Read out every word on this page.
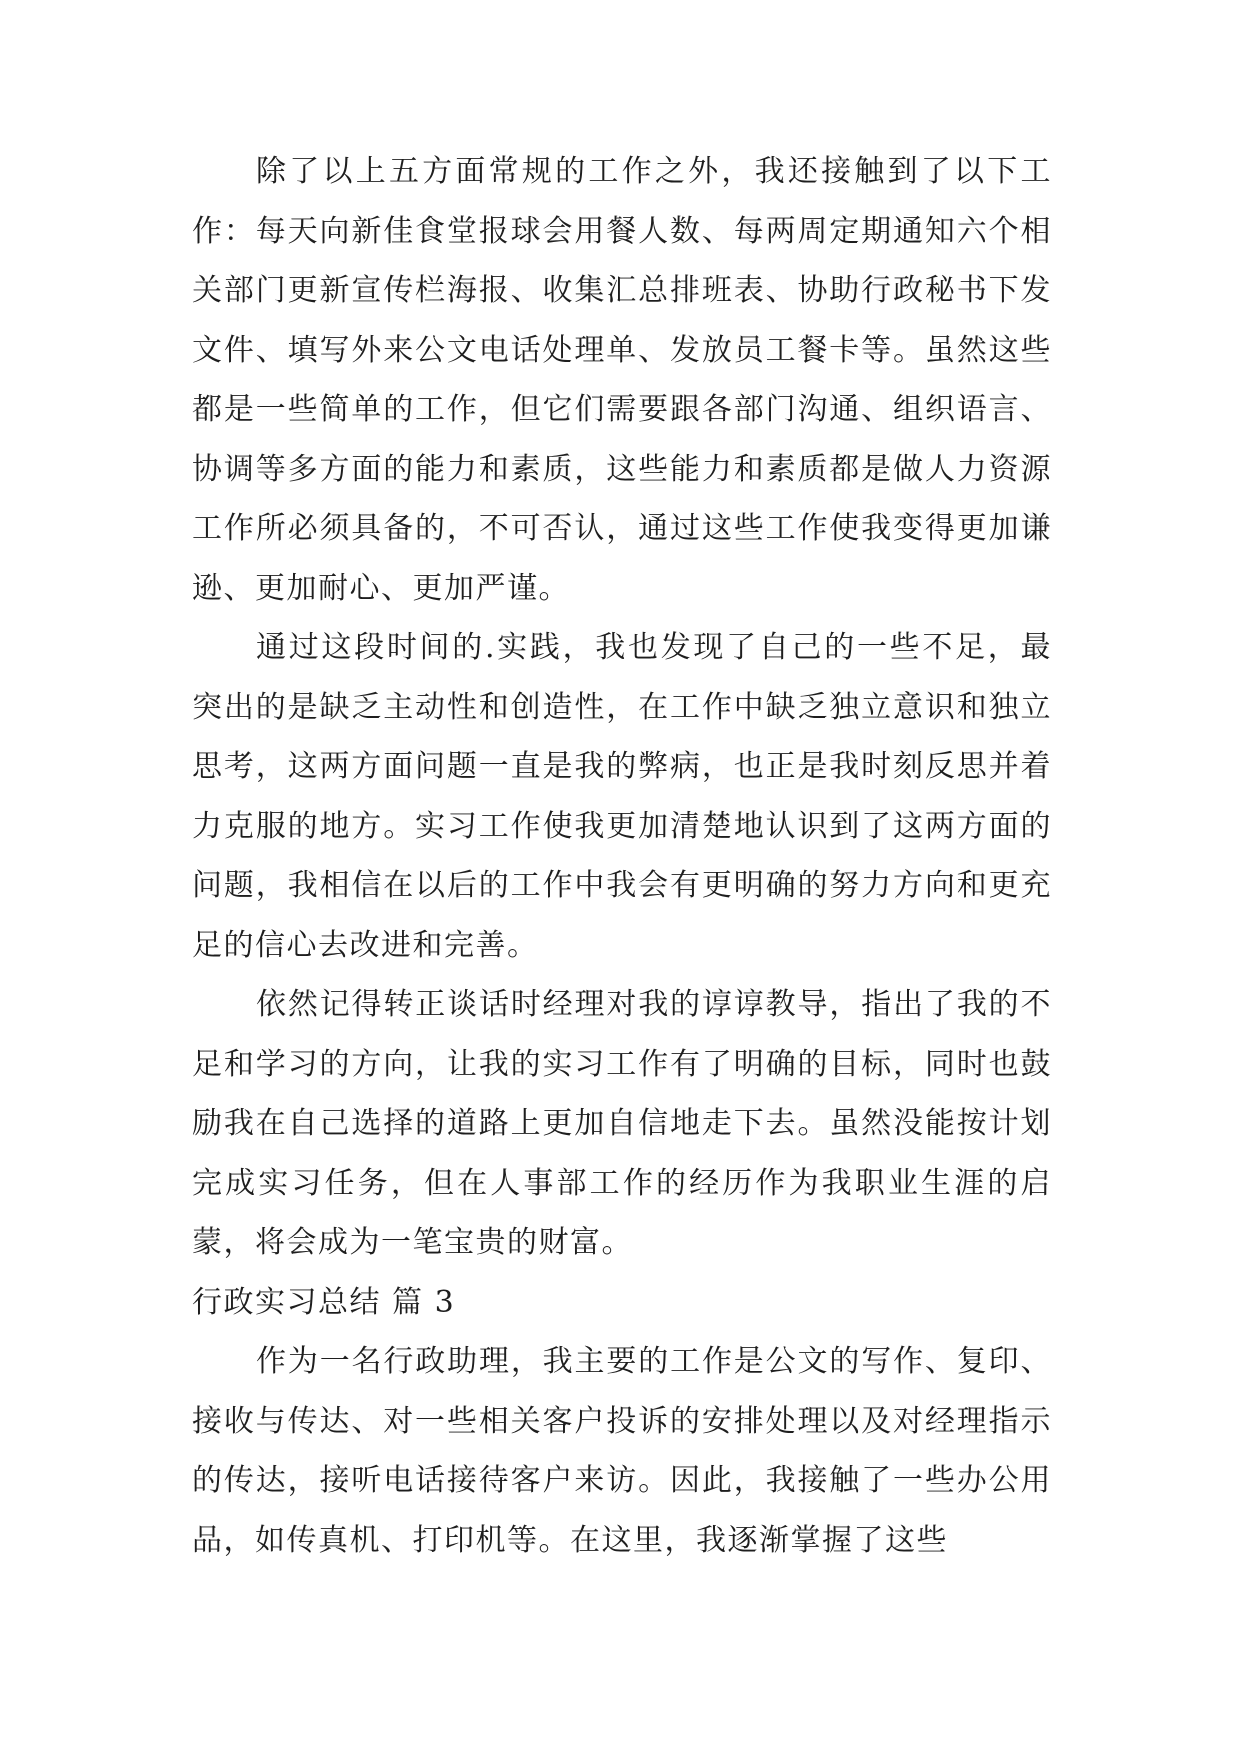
除了以上五方面常规的工作之外，我还接触到了以下工作：每天向新佳食堂报球会用餐人数、每两周定期通知六个相关部门更新宣传栏海报、收集汇总排班表、协助行政秘书下发文件、填写外来公文电话处理单、发放员工餐卡等。虽然这些都是一些简单的工作，但它们需要跟各部门沟通、组织语言、协调等多方面的能力和素质，这些能力和素质都是做人力资源工作所必须具备的，不可否认，通过这些工作使我变得更加谦逊、更加耐心、更加严谨。

通过这段时间的.实践，我也发现了自己的一些不足，最突出的是缺乏主动性和创造性，在工作中缺乏独立意识和独立思考，这两方面问题一直是我的弊病，也正是我时刻反思并着力克服的地方。实习工作使我更加清楚地认识到了这两方面的问题，我相信在以后的工作中我会有更明确的努力方向和更充足的信心去改进和完善。

依然记得转正谈话时经理对我的谆谆教导，指出了我的不足和学习的方向，让我的实习工作有了明确的目标，同时也鼓励我在自己选择的道路上更加自信地走下去。虽然没能按计划完成实习任务，但在人事部工作的经历作为我职业生涯的启蒙，将会成为一笔宝贵的财富。

行政实习总结 篇 3

作为一名行政助理，我主要的工作是公文的写作、复印、接收与传达、对一些相关客户投诉的安排处理以及对经理指示的传达，接听电话接待客户来访。因此，我接触了一些办公用品，如传真机、打印机等。在这里，我逐渐掌握了这些
